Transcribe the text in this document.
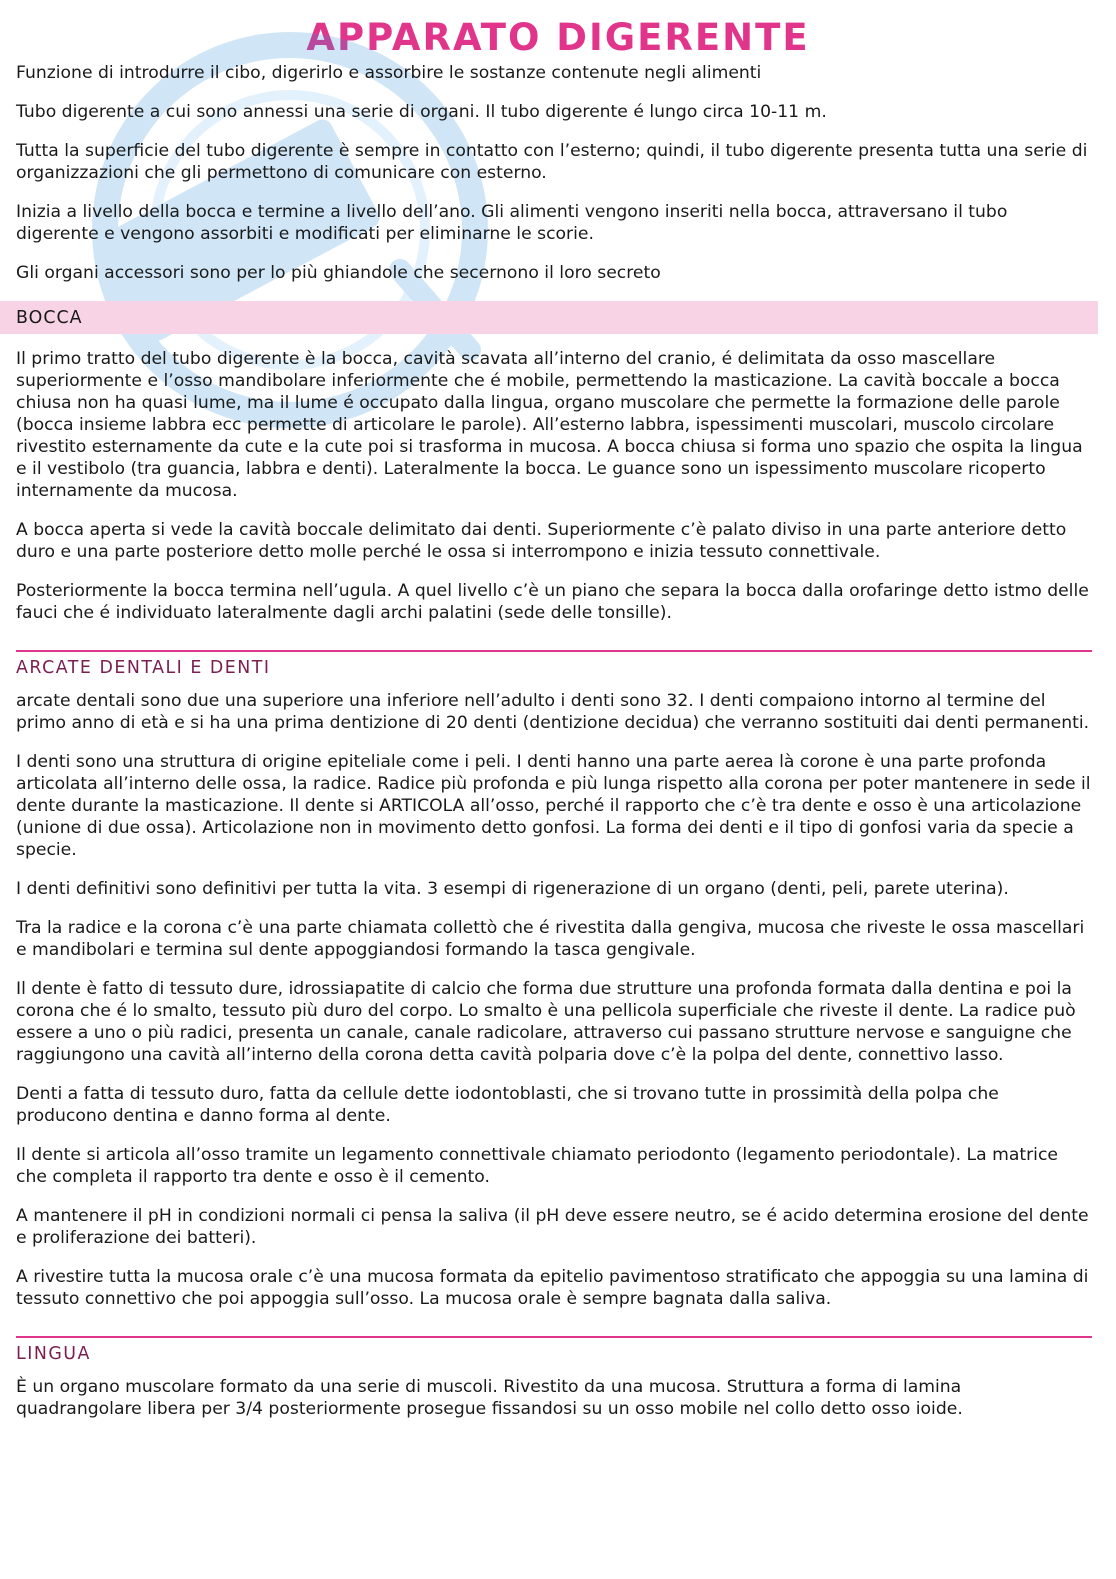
APPARATO DIGERENTE

Funzione di introdurre il cibo, digerirlo e assorbire le sostanze contenute negli alimenti

Tubo digerente a cui sono annessi una serie di organi. Il tubo digerente é lungo circa 10-11 m.

Tutta la superficie del tubo digerente è sempre in contatto con l’esterno; quindi, il tubo digerente presenta tutta una serie di organizzazioni che gli permettono di comunicare con esterno.

Inizia a livello della bocca e termine a livello dell’ano. Gli alimenti vengono inseriti nella bocca, attraversano il tubo digerente e vengono assorbiti e modificati per eliminarne le scorie.

Gli organi accessori sono per lo più ghiandole che secernono il loro secreto

BOCCA

Il primo tratto del tubo digerente è la bocca, cavità scavata all’interno del cranio, é delimitata da osso mascellare superiormente e l’osso mandibolare inferiormente che é mobile, permettendo la masticazione. La cavità boccale a bocca chiusa non ha quasi lume, ma il lume é occupato dalla lingua, organo muscolare che permette la formazione delle parole (bocca insieme labbra ecc permette di articolare le parole). All’esterno labbra, ispessimenti muscolari, muscolo circolare rivestito esternamente da cute e la cute poi si trasforma in mucosa. A bocca chiusa si forma uno spazio che ospita la lingua e il vestibolo (tra guancia, labbra e denti). Lateralmente la bocca. Le guance sono un ispessimento muscolare ricoperto internamente da mucosa.

A bocca aperta si vede la cavità boccale delimitato dai denti. Superiormente c’è palato diviso in una parte anteriore detto duro e una parte posteriore detto molle perché le ossa si interrompono e inizia tessuto connettivale.

Posteriormente la bocca termina nell’ugula. A quel livello c’è un piano che separa la bocca dalla orofaringe detto istmo delle fauci che é individuato lateralmente dagli archi palatini (sede delle tonsille).

ARCATE DENTALI E DENTI

arcate dentali sono due una superiore una inferiore nell’adulto i denti sono 32. I denti compaiono intorno al termine del primo anno di età e si ha una prima dentizione di 20 denti (dentizione decidua) che verranno sostituiti dai denti permanenti.

I denti sono una struttura di origine epiteliale come i peli. I denti hanno una parte aerea là corone è una parte profonda articolata all’interno delle ossa, la radice. Radice più profonda e più lunga rispetto alla corona per poter mantenere in sede il dente durante la masticazione. Il dente si ARTICOLA all’osso, perché il rapporto che c’è tra dente e osso è una articolazione (unione di due ossa). Articolazione non in movimento detto gonfosi. La forma dei denti e il tipo di gonfosi varia da specie a specie.

I denti definitivi sono definitivi per tutta la vita. 3 esempi di rigenerazione di un organo (denti, peli, parete uterina).

Tra la radice e la corona c’è una parte chiamata collettò che é rivestita dalla gengiva, mucosa che riveste le ossa mascellari e mandibolari e termina sul dente appoggiandosi formando la tasca gengivale.

Il dente è fatto di tessuto dure, idrossiapatite di calcio che forma due strutture una profonda formata dalla dentina e poi la corona che é lo smalto, tessuto più duro del corpo. Lo smalto è una pellicola superficiale che riveste il dente. La radice può essere a uno o più radici, presenta un canale, canale radicolare, attraverso cui passano strutture nervose e sanguigne che raggiungono una cavità all’interno della corona detta cavità polparia dove c’è la polpa del dente, connettivo lasso.

Denti a fatta di tessuto duro, fatta da cellule dette iodontoblasti, che si trovano tutte in prossimità della polpa che producono dentina e danno forma al dente.

Il dente si articola all’osso tramite un legamento connettivale chiamato periodonto (legamento periodontale). La matrice che completa il rapporto tra dente e osso è il cemento.

A mantenere il pH in condizioni normali ci pensa la saliva (il pH deve essere neutro, se é acido determina erosione del dente e proliferazione dei batteri).

A rivestire tutta la mucosa orale c’è una mucosa formata da epitelio pavimentoso stratificato che appoggia su una lamina di tessuto connettivo che poi appoggia sull’osso. La mucosa orale è sempre bagnata dalla saliva.

LINGUA

È un organo muscolare formato da una serie di muscoli. Rivestito da una mucosa. Struttura a forma di lamina quadrangolare libera per 3/4 posteriormente prosegue fissandosi su un osso mobile nel collo detto osso ioide.
